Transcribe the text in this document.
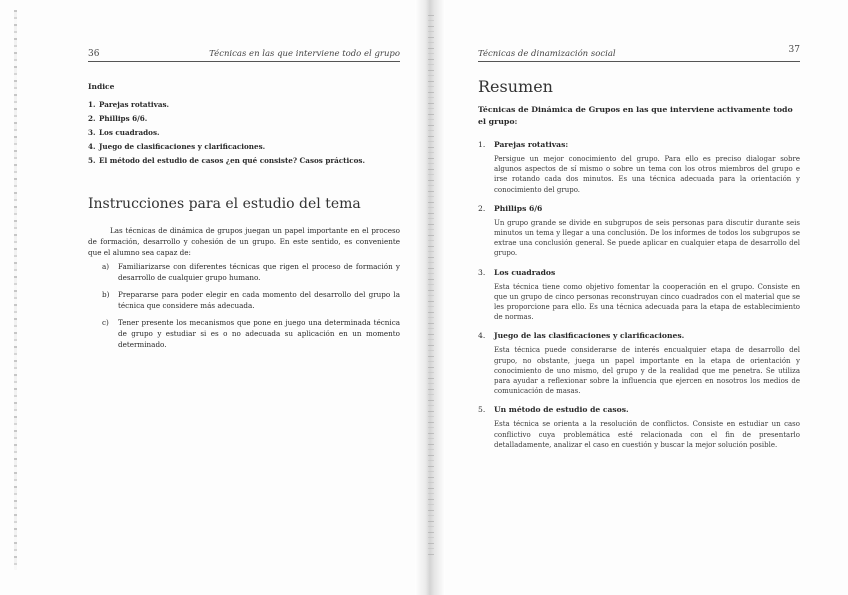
36	Técnicas en las que interviene todo el grupo
Indice
1. Parejas rotativas.
2. Phillips 6/6.
3. Los cuadrados.
4. Juego de clasificaciones y clarificaciones.
5. El método del estudio de casos ¿en qué consiste? Casos prácticos.
Instrucciones para el estudio del tema

Las técnicas de dinámica de grupos juegan un papel importante en el proceso de formación, desarrollo y cohesión de un grupo. En este sentido, es conveniente que el alumno sea capaz de:

a) Familiarizarse con diferentes técnicas que rigen el proceso de formación y desarrollo de cualquier grupo humano.
b) Prepararse para poder elegir en cada momento del desarrollo del grupo la técnica que considere más adecuada.
c) Tener presente los mecanismos que pone en juego una determinada técnica de grupo y estudiar si es o no adecuada su aplicación en un momento determinado.
Técnicas de dinamización social	37
Resumen

Técnicas de Dinámica de Grupos en las que interviene activamente todo el grupo:

1. Parejas rotativas:

Persigue un mejor conocimiento del grupo. Para ello es preciso dialogar sobre algunos aspectos de sí mismo o sobre un tema con los otros miembros del grupo e irse rotando cada dos minutos. Es una técnica adecuada para la orientación y conocimiento del grupo.

2. Phillips 6/6

Un grupo grande se divide en subgrupos de seis personas para discutir durante seis minutos un tema y llegar a una conclusión. De los informes de todos los subgrupos se extrae una conclusión general. Se puede aplicar en cualquier etapa de desarrollo del grupo.

3. Los cuadrados

Esta técnica tiene como objetivo fomentar la cooperación en el grupo. Consiste en que un grupo de cinco personas reconstruyan cinco cuadrados con el material que se les proporcione para ello. Es una técnica adecuada para la etapa de establecimiento de normas.

4. Juego de las clasificaciones y clarificaciones.

Esta técnica puede considerarse de interés encualquier etapa de desarrollo del grupo, no obstante, juega un papel importante en la etapa de orientación y conocimiento de uno mismo, del grupo y de la realidad que me penetra. Se utiliza para ayudar a reflexionar sobre la influencia que ejercen en nosotros los medios de comunicación de masas.

5. Un método de estudio de casos.

Esta técnica se orienta a la resolución de conflictos. Consiste en estudiar un caso conflictivo cuya problemática esté relacionada con el fin de presentarlo detalladamente, analizar el caso en cuestión y buscar la mejor solución posible.
